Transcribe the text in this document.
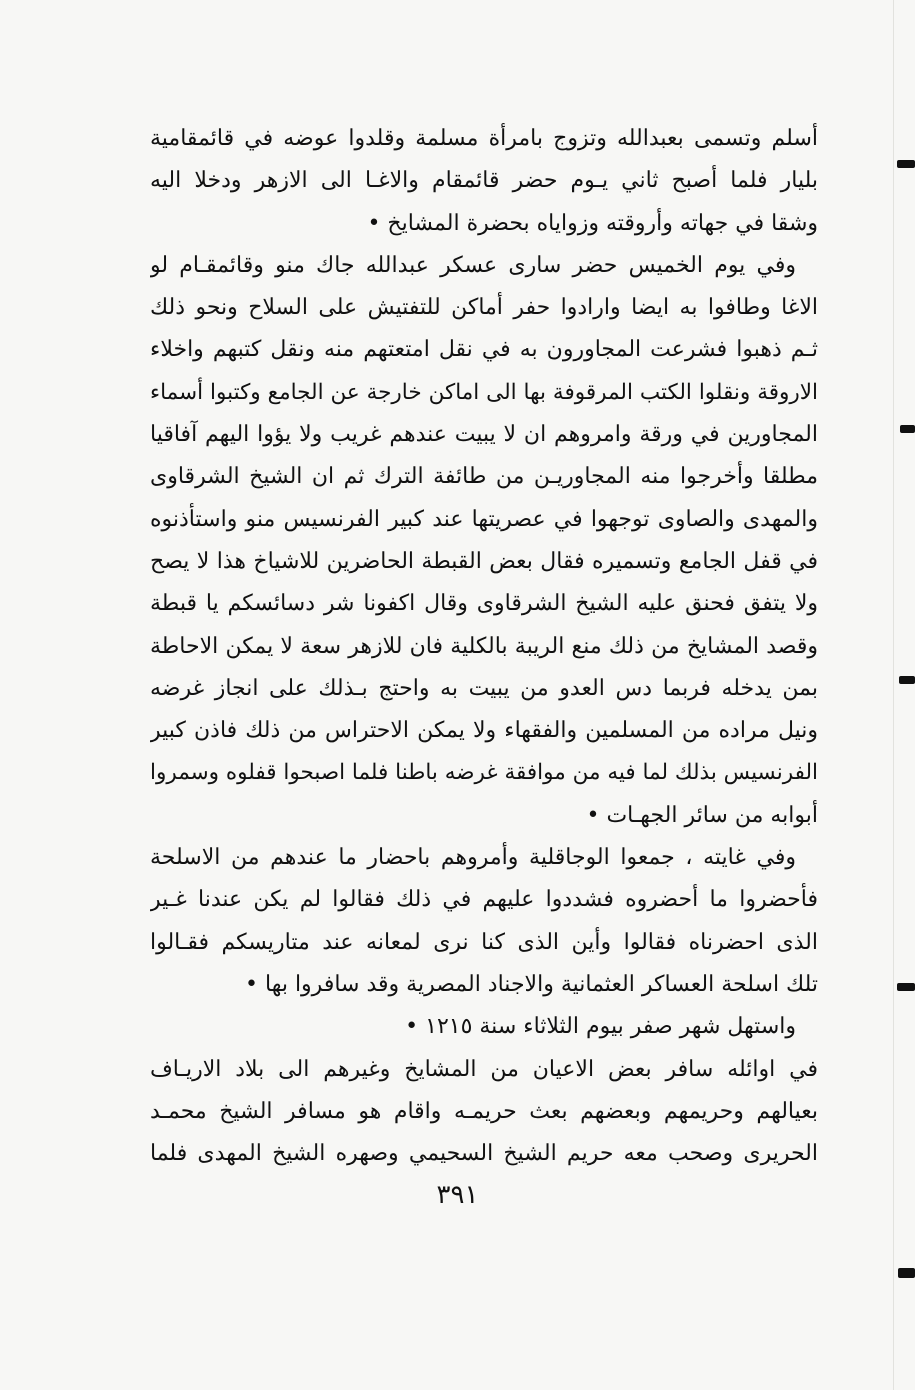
أسلم وتسمى بعبدالله وتزوج بامرأة مسلمة وقلدوا عوضه في قائمقامية
بليار فلما أصبح ثاني يـوم حضر قائمقام والاغـا الى الازهر ودخلا اليه
وشقا في جهاته وأروقته وزواياه بحضرة المشايخ •
وفي يوم الخميس حضر سارى عسكر عبدالله جاك منو وقائمقـام لو
الاغا وطافوا به ايضا وارادوا حفر أماكن للتفتيش على السلاح ونحو ذلك
ثـم ذهبوا فشرعت المجاورون به في نقل امتعتهم منه ونقل كتبهم واخلاء
الاروقة ونقلوا الكتب المرقوفة بها الى اماكن خارجة عن الجامع وكتبوا أسماء
المجاورين في ورقة وامروهم ان لا يبيت عندهم غريب ولا يؤوا اليهم آفاقيا
مطلقا وأخرجوا منه المجاوريـن من طائفة الترك ثم ان الشيخ الشرقاوى
والمهدى والصاوى توجهوا في عصريتها عند كبير الفرنسيس منو واستأذنوه
في قفل الجامع وتسميره فقال بعض القبطة الحاضرين للاشياخ هذا لا يصح
ولا يتفق فحنق عليه الشيخ الشرقاوى وقال اكفونا شر دسائسكم يا قبطة
وقصد المشايخ من ذلك منع الريبة بالكلية فان للازهر سعة لا يمكن الاحاطة
بمن يدخله فربما دس العدو من يبيت به واحتج بـذلك على انجاز غرضه
ونيل مراده من المسلمين والفقهاء ولا يمكن الاحتراس من ذلك فاذن كبير
الفرنسيس بذلك لما فيه من موافقة غرضه باطنا فلما اصبحوا قفلوه وسمروا
أبوابه من سائر الجهـات •
وفي غايته ، جمعوا الوجاقلية وأمروهم باحضار ما عندهم من الاسلحة
فأحضروا ما أحضروه فشددوا عليهم في ذلك فقالوا لم يكن عندنا غـير
الذى احضرناه فقالوا وأين الذى كنا نرى لمعانه عند متاريسكم فقـالوا
تلك اسلحة العساكر العثمانية والاجناد المصرية وقد سافروا بها •
واستهل شهر صفر بيوم الثلاثاء سنة ١٢١٥ •
في اوائله سافر بعض الاعيان من المشايخ وغيرهم الى بلاد الاريـاف
بعيالهم وحريمهم وبعضهم بعث حريمـه واقام هو مسافر الشيخ محمـد
الحريرى وصحب معه حريم الشيخ السحيمي وصهره الشيخ المهدى فلما
٣٩١
